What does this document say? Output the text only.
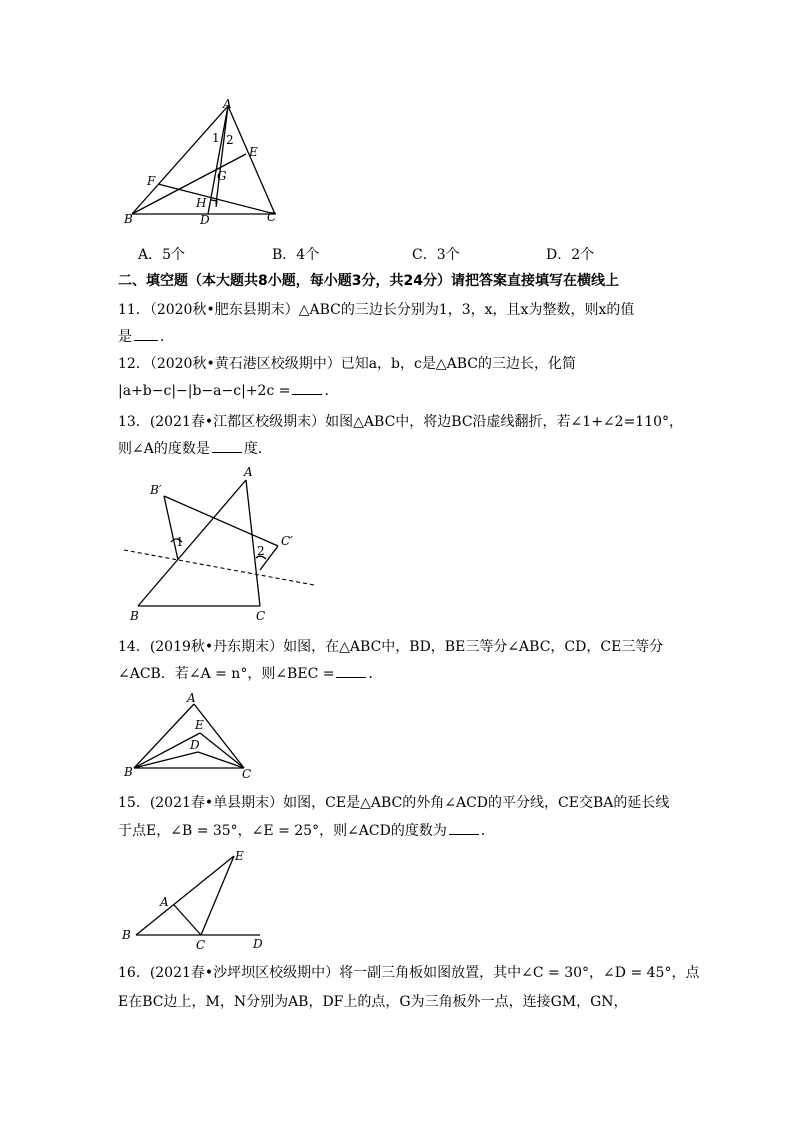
A
1 2
E
F	G
H
B	D	C
A．5个	B．4个	C．3个	D．2个
二、填空题（本大题共8小题，每小题3分，共24分）请把答案直接填写在横线上
11．（2020秋•肥东县期末）△ABC的三边长分别为1，3，x，且x为整数，则x的值
是 ．
12．（2020秋•黄石港区校级期中）已知a，b，c是△ABC的三边长，化简
|a+b−c|−|b−a−c|+2c = ．
13．(2021春•江都区校级期末）如图△ABC中，将边BC沿虚线翻折，若∠1+∠2=110°，
则∠A的度数是 度．
B′
A
C′
1
2
B	C
14．(2019秋•丹东期末）如图，在△ABC中，BD，BE三等分∠ABC，CD，CE三等分
∠ACB．若∠A = n°，则∠BEC = ．
A
E
D
B	C
15．(2021春•单县期末）如图，CE是△ABC的外角∠ACD的平分线，CE交BA的延长线
于点E，∠B = 35°，∠E = 25°，则∠ACD的度数为 ．
E
A
B
C	D
16．(2021春•沙坪坝区校级期中）将一副三角板如图放置，其中∠C = 30°，∠D = 45°，点
E在BC边上，M，N分别为AB，DF上的点，G为三角板外一点，连接GM，GN，
